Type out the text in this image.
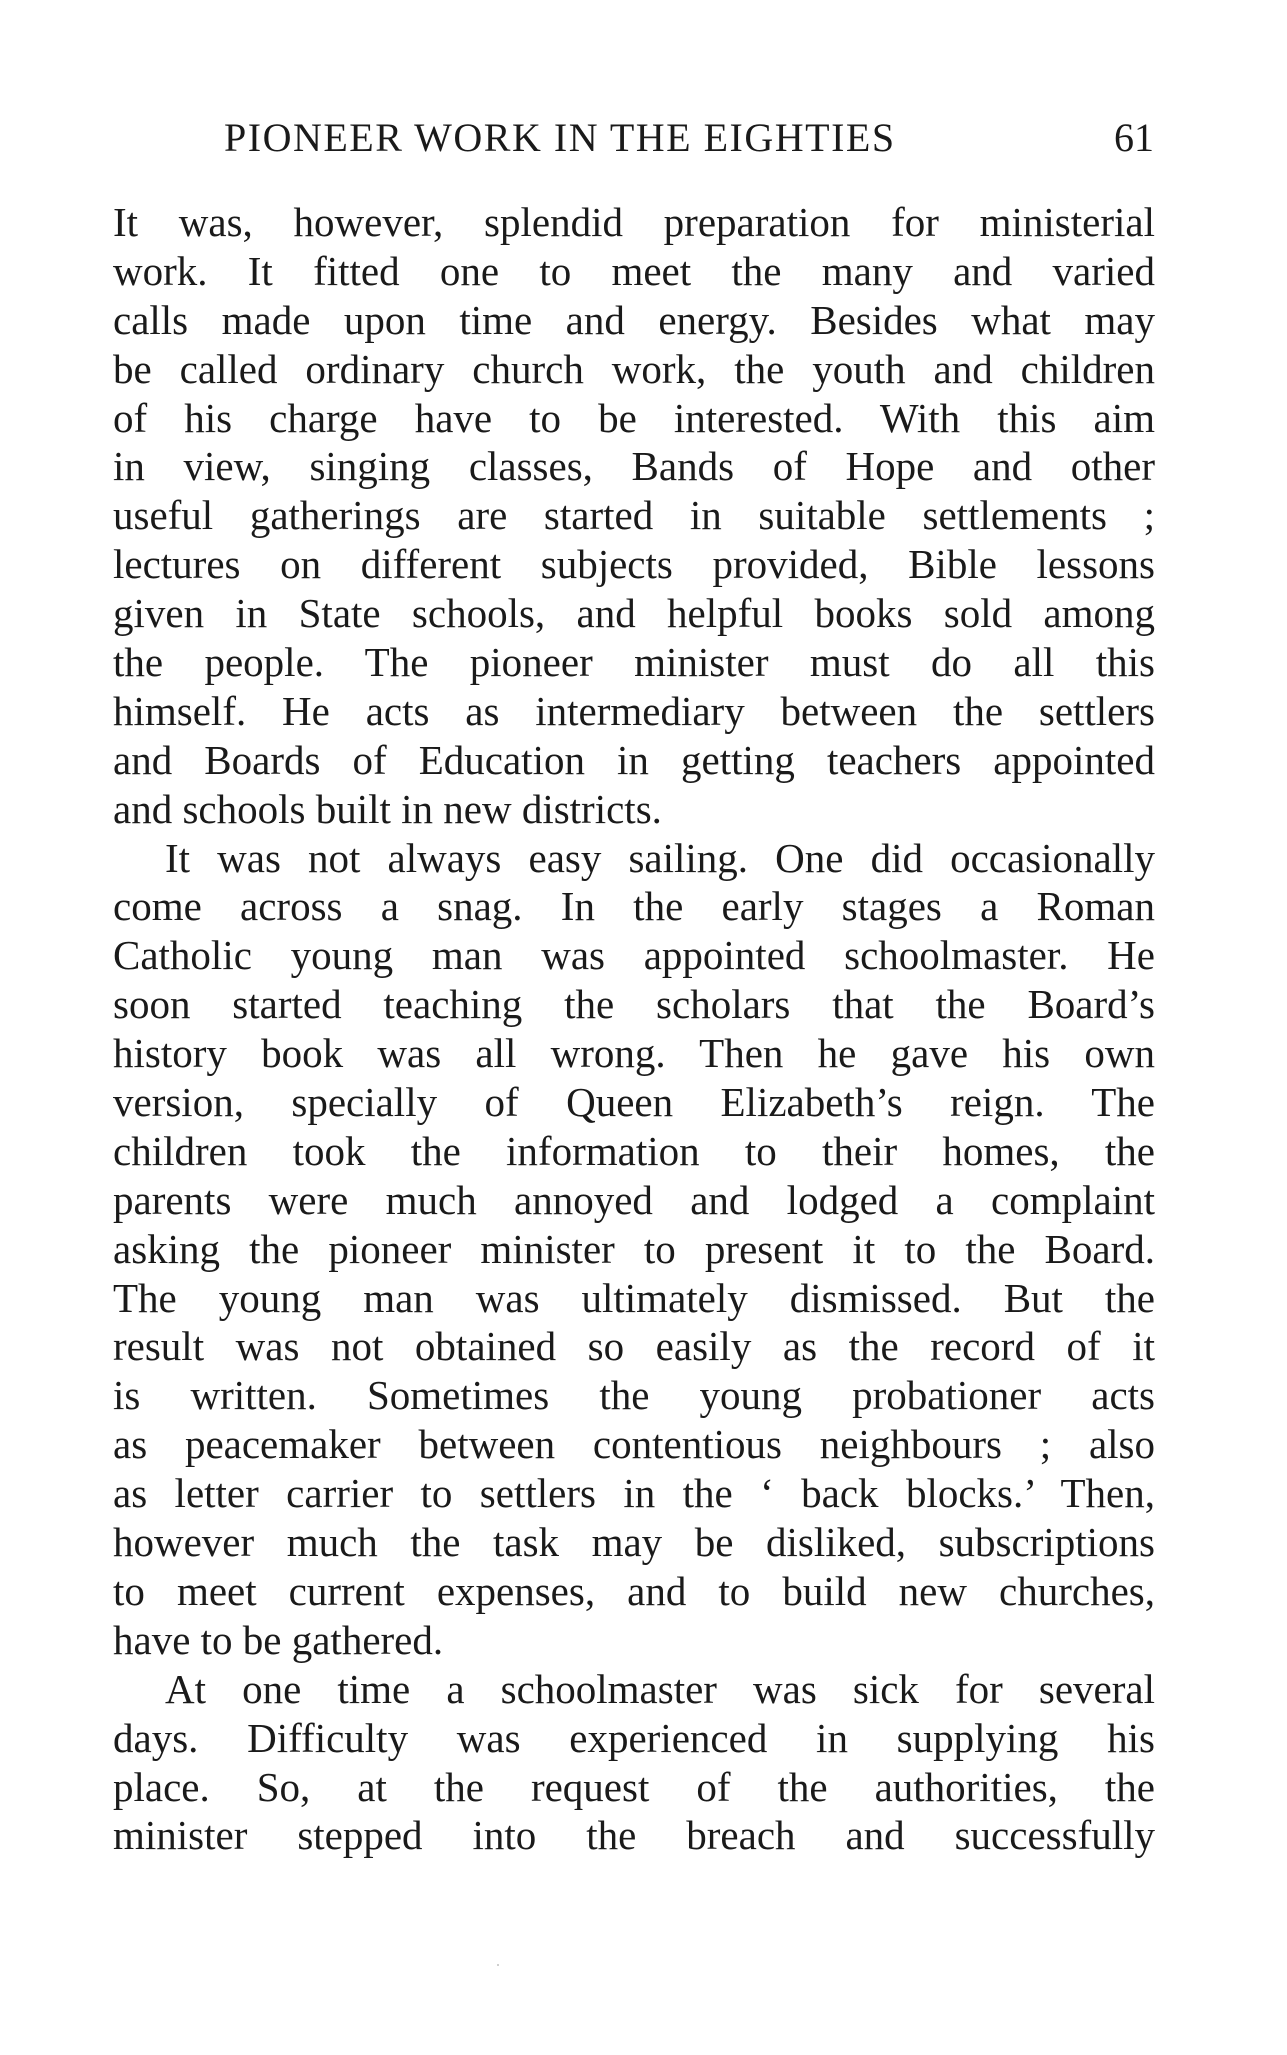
PIONEER WORK IN THE EIGHTIES	61
It was, however, splendid preparation for ministerial
work. It fitted one to meet the many and varied
calls made upon time and energy. Besides what may
be called ordinary church work, the youth and children
of his charge have to be interested. With this aim
in view, singing classes, Bands of Hope and other
useful gatherings are started in suitable settlements ;
lectures on different subjects provided, Bible lessons
given in State schools, and helpful books sold among
the people. The pioneer minister must do all this
himself. He acts as intermediary between the settlers
and Boards of Education in getting teachers appointed
and schools built in new districts.
It was not always easy sailing. One did occasionally
come across a snag. In the early stages a Roman
Catholic young man was appointed schoolmaster. He
soon started teaching the scholars that the Board’s
history book was all wrong. Then he gave his own
version, specially of Queen Elizabeth’s reign. The
children took the information to their homes, the
parents were much annoyed and lodged a complaint
asking the pioneer minister to present it to the Board.
The young man was ultimately dismissed. But the
result was not obtained so easily as the record of it
is written. Sometimes the young probationer acts
as peacemaker between contentious neighbours ; also
as letter carrier to settlers in the ‘ back blocks.’ Then,
however much the task may be disliked, subscriptions
to meet current expenses, and to build new churches,
have to be gathered.
At one time a schoolmaster was sick for several
days. Difficulty was experienced in supplying his
place. So, at the request of the authorities, the
minister stepped into the breach and successfully
